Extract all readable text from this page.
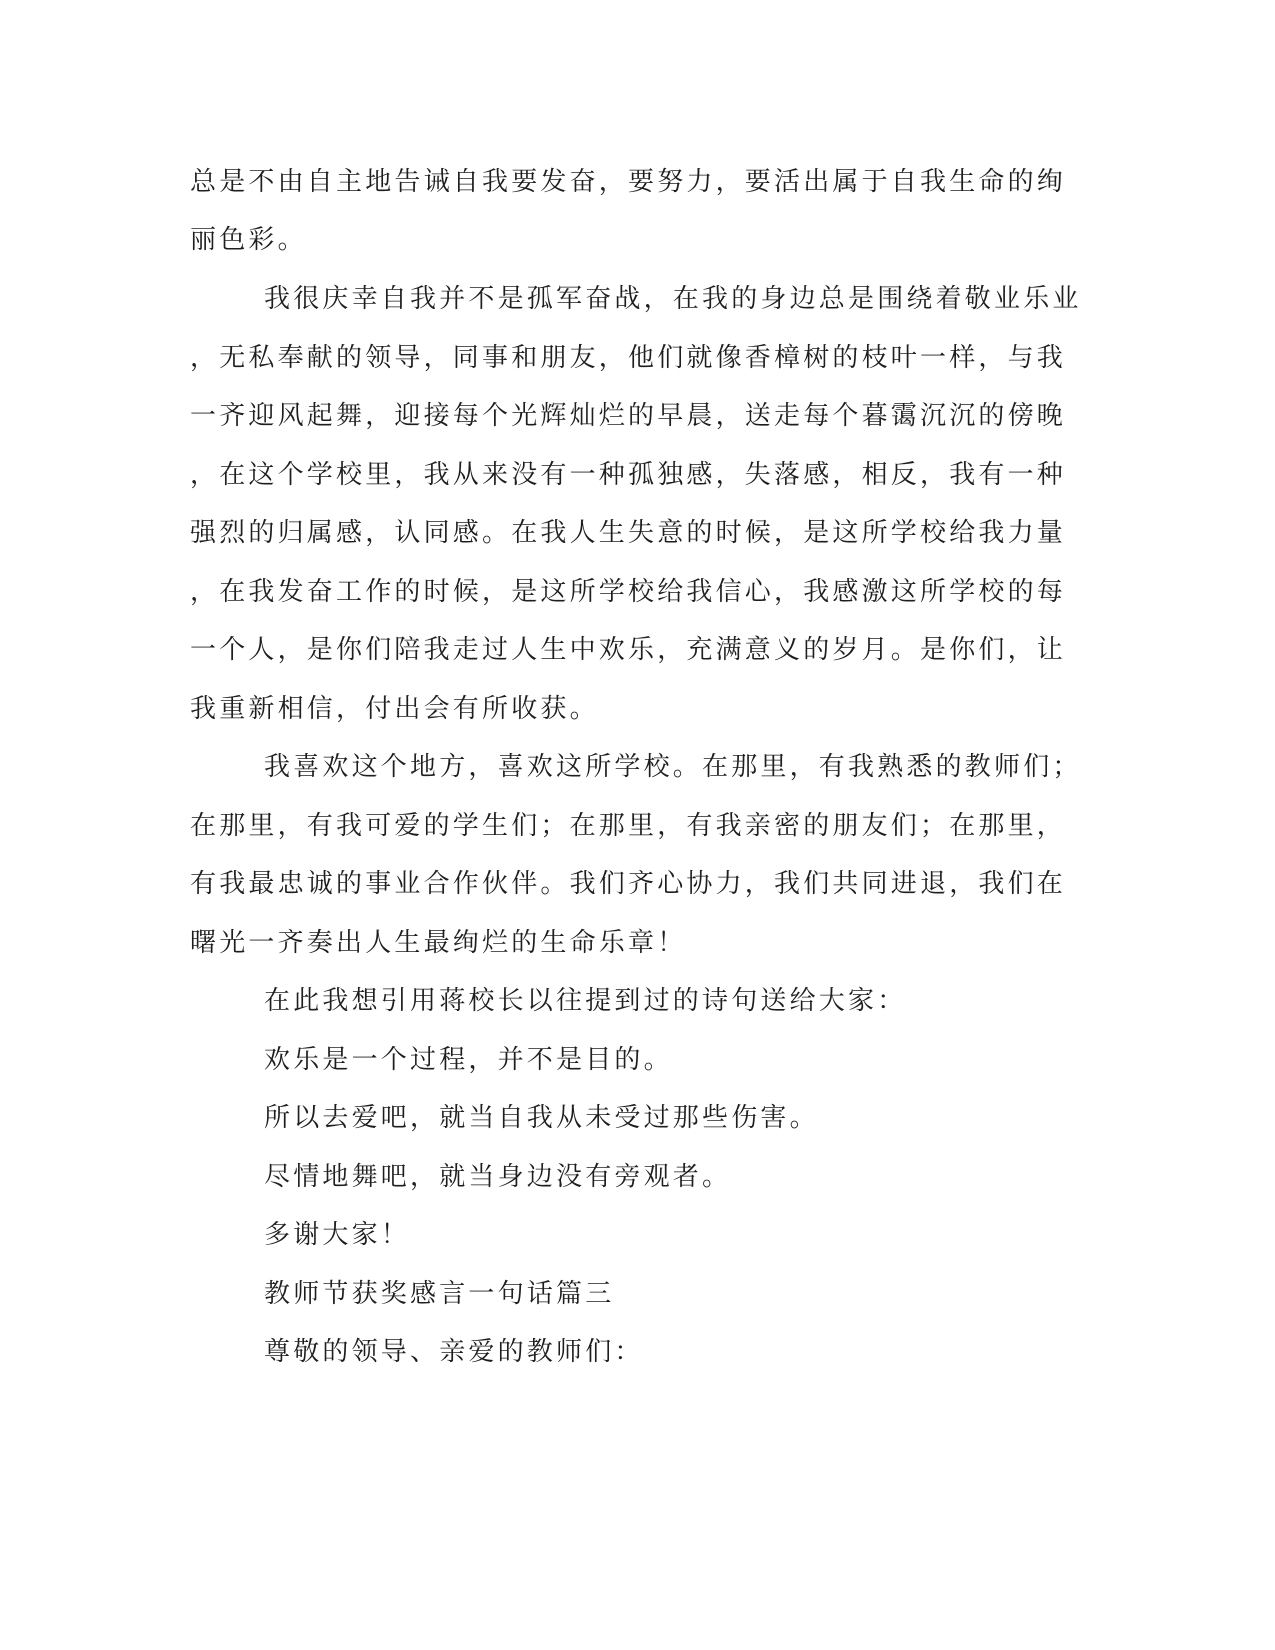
总是不由自主地告诫自我要发奋，要努力，要活出属于自我生命的绚
丽色彩。
我很庆幸自我并不是孤军奋战，在我的身边总是围绕着敬业乐业
，无私奉献的领导，同事和朋友，他们就像香樟树的枝叶一样，与我
一齐迎风起舞，迎接每个光辉灿烂的早晨，送走每个暮霭沉沉的傍晚
，在这个学校里，我从来没有一种孤独感，失落感，相反，我有一种
强烈的归属感，认同感。在我人生失意的时候，是这所学校给我力量
，在我发奋工作的时候，是这所学校给我信心，我感激这所学校的每
一个人，是你们陪我走过人生中欢乐，充满意义的岁月。是你们，让
我重新相信，付出会有所收获。
我喜欢这个地方，喜欢这所学校。在那里，有我熟悉的教师们；
在那里，有我可爱的学生们；在那里，有我亲密的朋友们；在那里，
有我最忠诚的事业合作伙伴。我们齐心协力，我们共同进退，我们在
曙光一齐奏出人生最绚烂的生命乐章！
在此我想引用蒋校长以往提到过的诗句送给大家：
欢乐是一个过程，并不是目的。
所以去爱吧，就当自我从未受过那些伤害。
尽情地舞吧，就当身边没有旁观者。
多谢大家！
教师节获奖感言一句话篇三
尊敬的领导、亲爱的教师们：
